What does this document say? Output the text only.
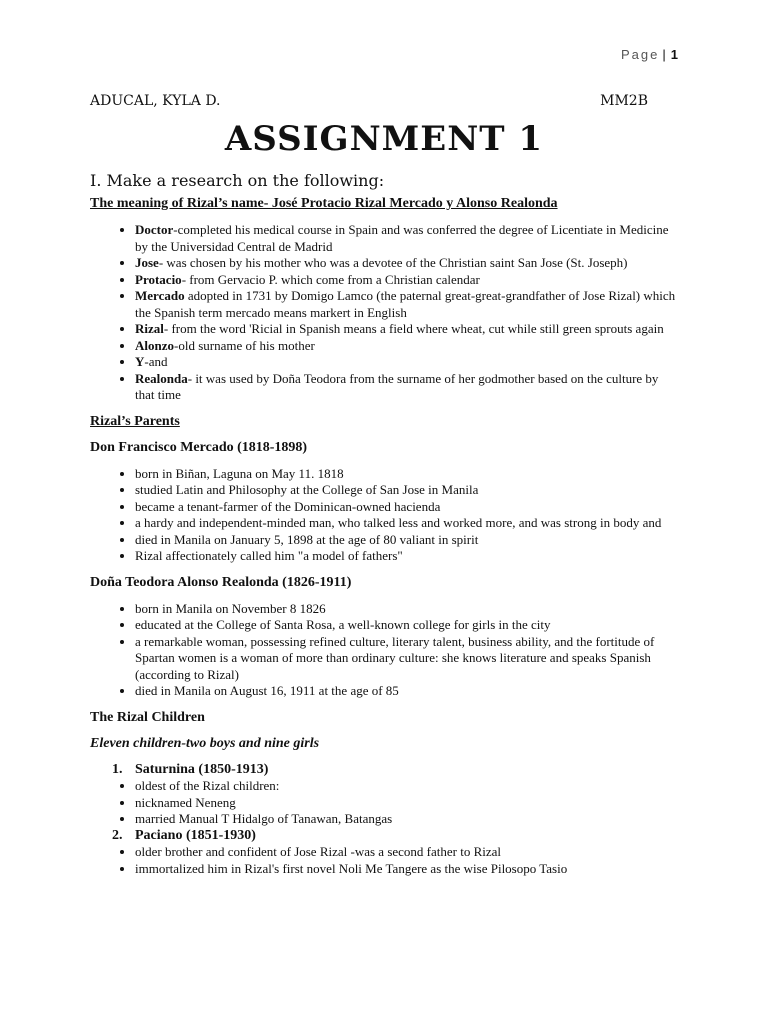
Page | 1
ADUCAL, KYLA D.	MM2B
ASSIGNMENT 1
I. Make a research on the following:
The meaning of Rizal’s name- José Protacio Rizal Mercado y Alonso Realonda
• Doctor-completed his medical course in Spain and was conferred the degree of Licentiate in Medicine by the Universidad Central de Madrid
• Jose- was chosen by his mother who was a devotee of the Christian saint San Jose (St. Joseph)
• Protacio- from Gervacio P. which come from a Christian calendar
• Mercado adopted in 1731 by Domigo Lamco (the paternal great-great-grandfather of Jose Rizal) which the Spanish term mercado means markert in English
• Rizal- from the word 'Ricial in Spanish means a field where wheat, cut while still green sprouts again
• Alonzo-old surname of his mother
• Y-and
• Realonda- it was used by Doña Teodora from the surname of her godmother based on the culture by that time
Rizal’s Parents
Don Francisco Mercado (1818-1898)
• born in Biñan, Laguna on May 11. 1818
• studied Latin and Philosophy at the College of San Jose in Manila
• became a tenant-farmer of the Dominican-owned hacienda
• a hardy and independent-minded man, who talked less and worked more, and was strong in body and
• died in Manila on January 5, 1898 at the age of 80 valiant in spirit
• Rizal affectionately called him "a model of fathers"
Doña Teodora Alonso Realonda (1826-1911)
• born in Manila on November 8 1826
• educated at the College of Santa Rosa, a well-known college for girls in the city
• a remarkable woman, possessing refined culture, literary talent, business ability, and the fortitude of Spartan women is a woman of more than ordinary culture: she knows literature and speaks Spanish (according to Rizal)
• died in Manila on August 16, 1911 at the age of 85
The Rizal Children
Eleven children-two boys and nine girls
1. Saturnina (1850-1913)
• oldest of the Rizal children:
• nicknamed Neneng
• married Manual T Hidalgo of Tanawan, Batangas
2. Paciano (1851-1930)
• older brother and confident of Jose Rizal -was a second father to Rizal
• immortalized him in Rizal's first novel Noli Me Tangere as the wise Pilosopo Tasio
